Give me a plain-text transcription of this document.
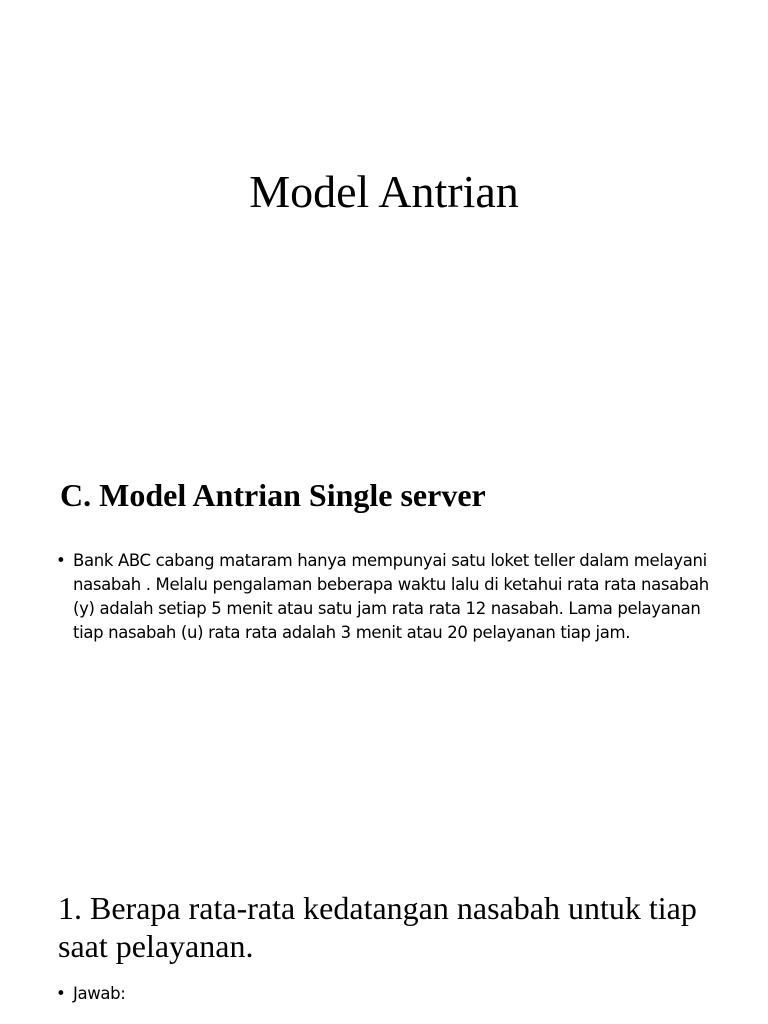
Model Antrian
C. Model Antrian Single server
• Bank ABC cabang mataram hanya mempunyai satu loket teller dalam melayani nasabah . Melalu pengalaman beberapa waktu lalu di ketahui rata rata nasabah (y) adalah setiap 5 menit atau satu jam rata rata 12 nasabah. Lama pelayanan tiap nasabah (u) rata rata adalah 3 menit atau 20 pelayanan tiap jam.
1. Berapa rata-rata kedatangan nasabah untuk tiap saat pelayanan.
• Jawab:
